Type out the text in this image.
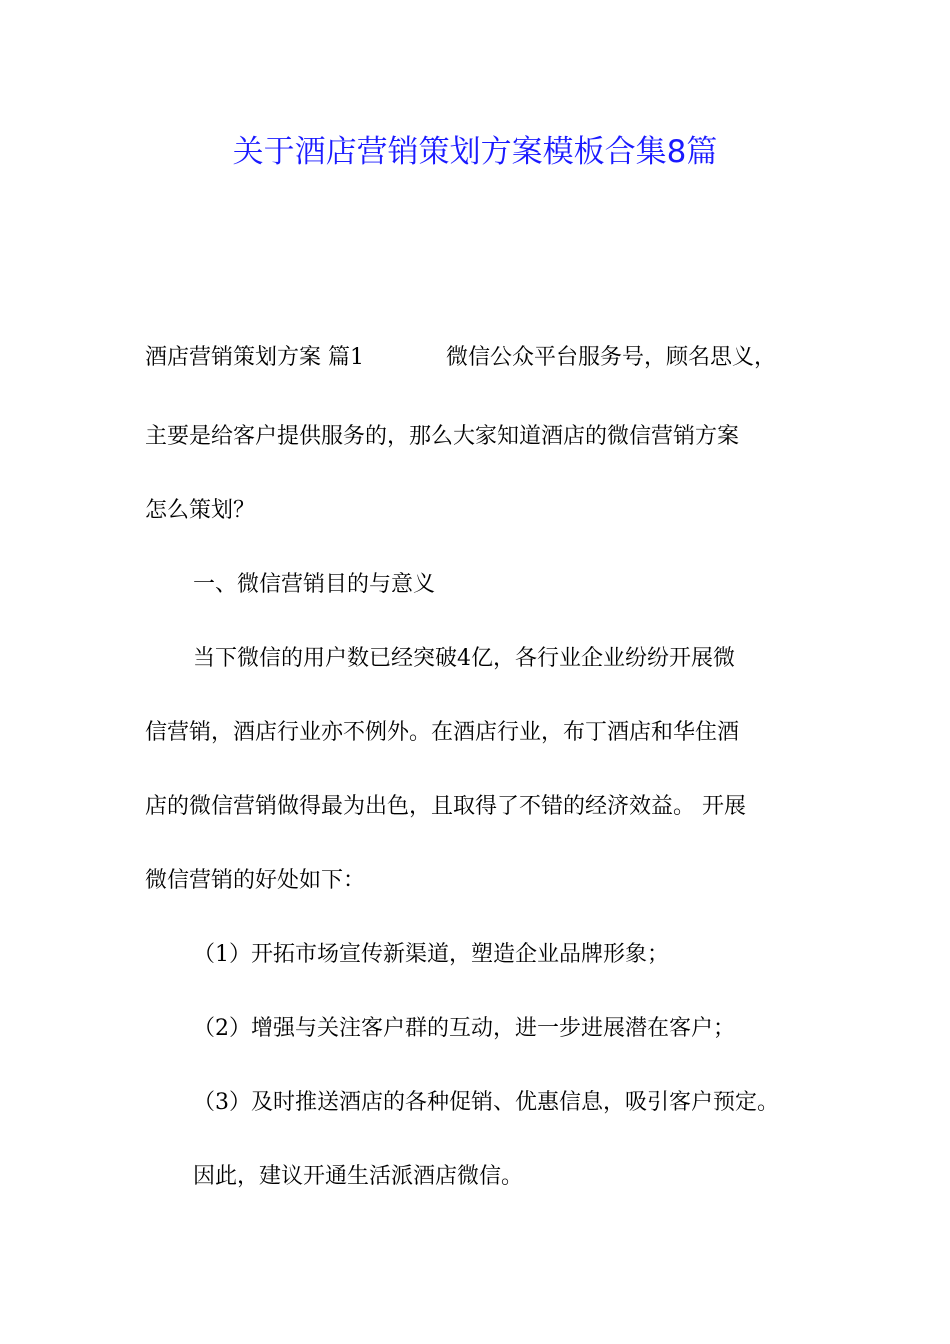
关于酒店营销策划方案模板合集8篇

酒店营销策划方案 篇1	微信公众平台服务号，顾名思义，

主要是给客户提供服务的，那么大家知道酒店的微信营销方案

怎么策划？

一、微信营销目的与意义

当下微信的用户数已经突破4亿，各行业企业纷纷开展微

信营销，酒店行业亦不例外。在酒店行业，布丁酒店和华住酒

店的微信营销做得最为出色，且取得了不错的经济效益。 开展

微信营销的好处如下：

（1）开拓市场宣传新渠道，塑造企业品牌形象；

（2）增强与关注客户群的互动，进一步进展潜在客户；

（3）及时推送酒店的各种促销、优惠信息，吸引客户预定。

因此，建议开通生活派酒店微信。
